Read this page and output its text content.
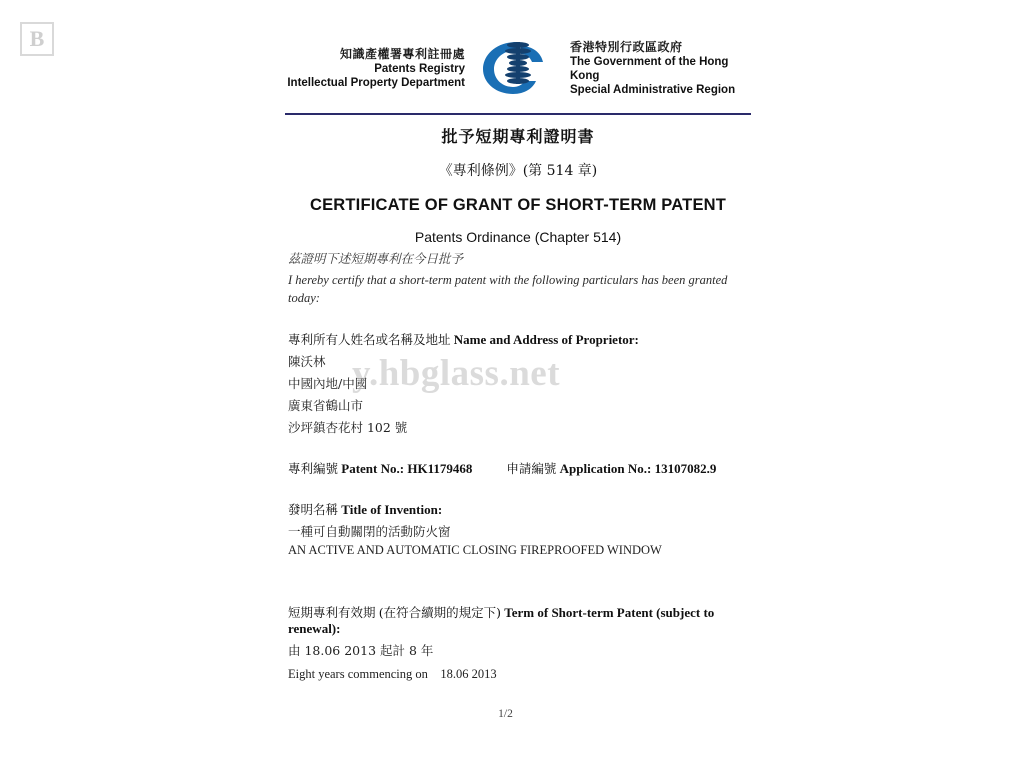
B
知識產權署專利註冊處
Patents Registry
Intellectual Property Department
香港特別行政區政府
The Government of the Hong Kong
Special Administrative Region
批予短期專利證明書
《專利條例》(第 514 章)
CERTIFICATE OF GRANT OF SHORT-TERM PATENT
Patents Ordinance (Chapter 514)
茲證明下述短期專利在今日批予
I hereby certify that a short-term patent with the following particulars has been granted today:
專利所有人姓名或名稱及地址 Name and Address of Proprietor:
陳沃林
中國內地/中國
廣東省鶴山市
沙坪鎮杏花村 102 號
專利編號 Patent No.: HK1179468	申請編號 Application No.: 13107082.9
發明名稱 Title of Invention:
一種可自動關閉的活動防火窗
AN ACTIVE AND AUTOMATIC CLOSING FIREPROOFED WINDOW
短期專利有效期 (在符合續期的規定下) Term of Short-term Patent (subject to renewal):
由 18.06 2013 起計 8 年
Eight years commencing on 18.06 2013
y.hbglass.net
1/2
